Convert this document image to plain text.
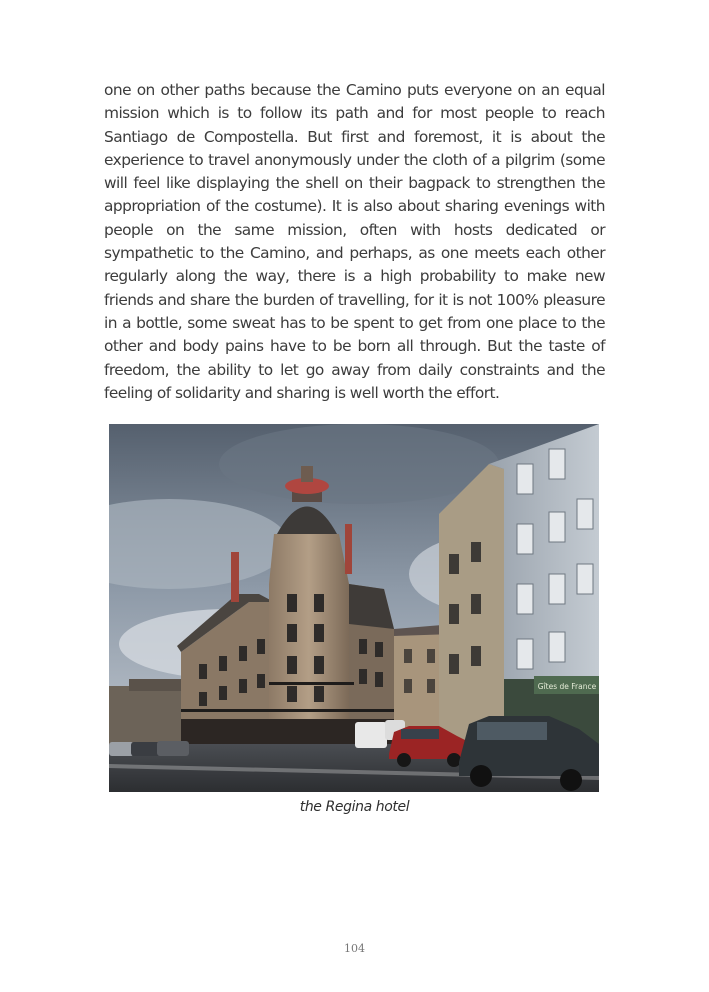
one on other paths because the Camino puts everyone on an equal mission which is to follow its path and for most people to reach Santiago de Compostella. But first and foremost, it is about the experience to travel anonymously under the cloth of a pilgrim (some will feel like displaying the shell on their bagpack to strengthen the appropriation of the costume). It is also about sharing evenings with people on the same mission, often with hosts dedicated or sympathetic to the Camino, and perhaps, as one meets each other regularly along the way, there is a high probability to make new friends and share the burden of travelling, for it is not 100% pleasure in a bottle, some sweat has to be spent to get from one place to the other and body pains have to be born all through. But the taste of freedom, the ability to let go away from daily constraints and the feeling of solidarity and sharing is well worth the effort.

Gîtes de France
the Regina hotel
104
